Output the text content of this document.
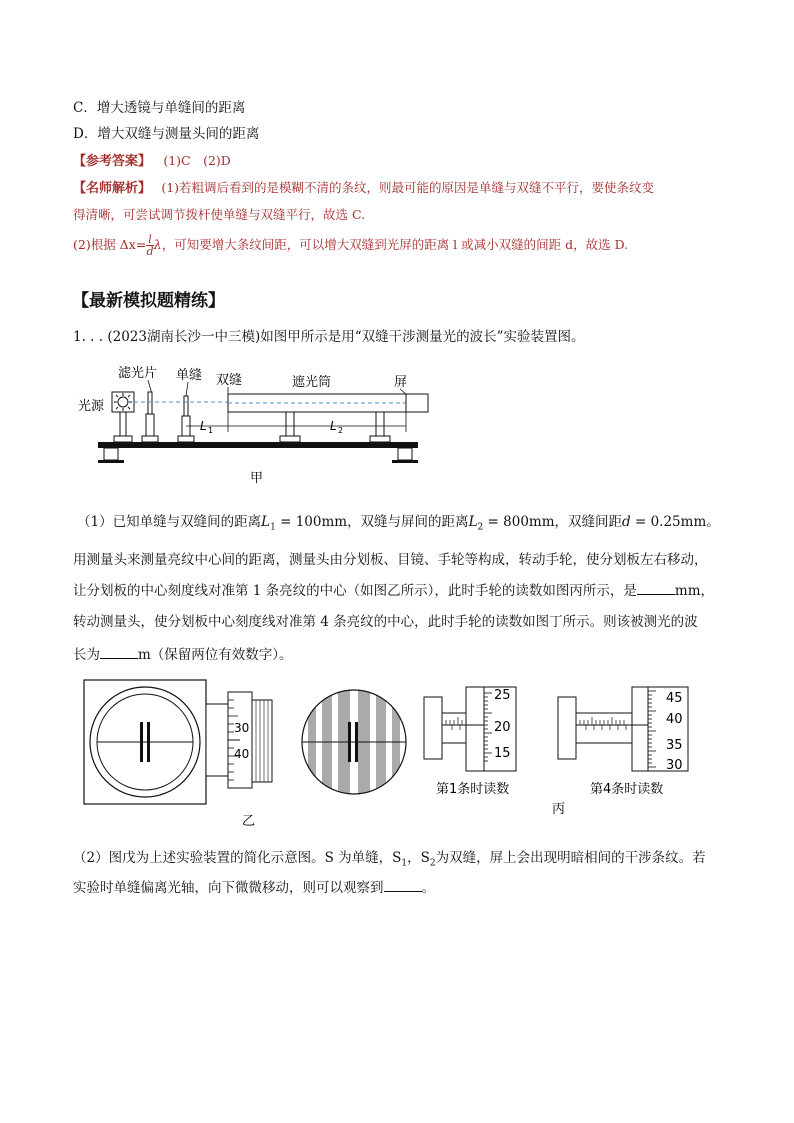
C．增大透镜与单缝间的距离
D．增大双缝与测量头间的距离
【参考答案】 (1)C　(2)D
【名师解析】 (1)若粗调后看到的是模糊不清的条纹，则最可能的原因是单缝与双缝不平行，要使条纹变
得清晰，可尝试调节拨杆使单缝与双缝平行，故选 C.
(2)根据 $\Delta x= \frac{l}{d}$ λ，可知要增大条纹间距，可以增大双缝到光屏的距离 l 或减小双缝的间距 d，故选 D.
【最新模拟题精练】
1. . . (2023湖南长沙一中三模)如图甲所示是用“双缝干涉测量光的波长”实验装置图。
滤光片 单缝 双缝	遮光筒	屏
光源
L 1	L 2
甲
（1）已知单缝与双缝间的距离$L_1 = 100mm$，双缝与屏间的距离$L_2 = 800mm$，双缝间距d = 0.25mm。
用测量头来测量亮纹中心间的距离，测量头由分划板、目镜、手轮等构成，转动手轮，使分划板左右移动，
让分划板的中心刻度线对准第 1 条亮纹的中心（如图乙所示），此时手轮的读数如图丙所示，是	mm，
转动测量头，使分划板中心刻度线对准第 4 条亮纹的中心，此时手轮的读数如图丁所示。则该被测光的波
长为	m（保留两位有效数字）。
30
40
乙
25
20
15
第1条时读数
45
40
35
30
第4条时读数
丙
（2）图戊为上述实验装置的简化示意图。S 为单缝，$S_1$，$S_2$为双缝，屏上会出现明暗相间的干涉条纹。若
实验时单缝偏离光轴，向下微微移动，则可以观察到	。
